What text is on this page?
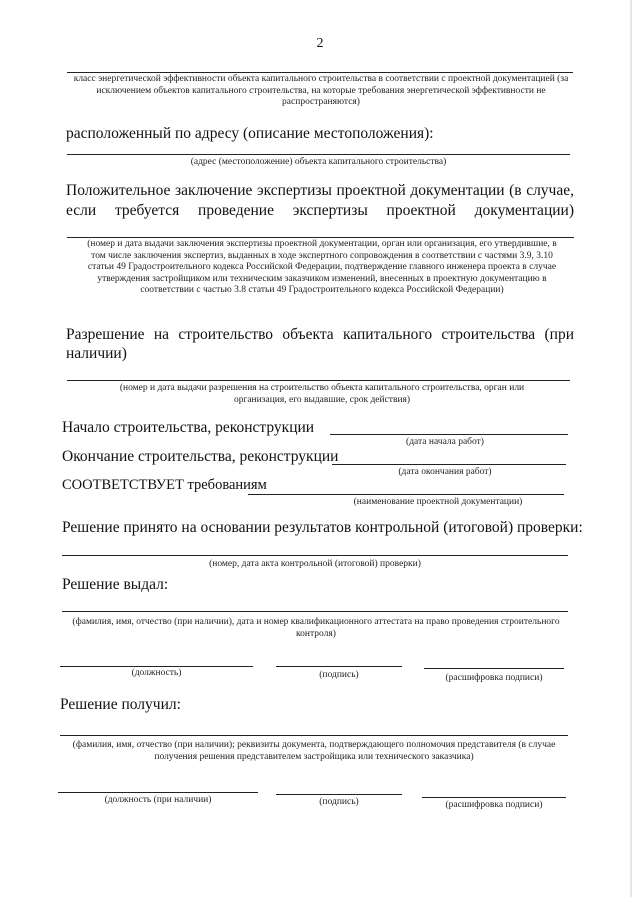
2
класс энергетической эффективности объекта капитального строительства в соответствии с проектной документацией (за исключением объектов капитального строительства, на которые требования энергетической эффективности не распространяются)
расположенный по адресу (описание местоположения):
(адрес (местоположение) объекта капитального строительства)
Положительное заключение экспертизы проектной документации (в случае, если требуется проведение экспертизы проектной документации)
(номер и дата выдачи заключения экспертизы проектной документации, орган или организация, его утвердившие, в том числе заключения экспертиз, выданных в ходе экспертного сопровождения в соответствии с частями 3.9, 3.10 статьи 49 Градостроительного кодекса Российской Федерации, подтверждение главного инженера проекта в случае утверждения застройщиком или техническим заказчиком изменений, внесенных в проектную документацию в соответствии с частью 3.8 статьи 49 Градостроительного кодекса Российской Федерации)
Разрешение на строительство объекта капитального строительства (при наличии)
(номер и дата выдачи разрешения на строительство объекта капитального строительства, орган или организация, его выдавшие, срок действия)
Начало строительства, реконструкции
(дата начала работ)
Окончание строительства, реконструкции
(дата окончания работ)
СООТВЕТСТВУЕТ требованиям
(наименование проектной документации)
Решение принято на основании результатов контрольной (итоговой) проверки:
(номер, дата акта контрольной (итоговой) проверки)
Решение выдал:
(фамилия, имя, отчество (при наличии), дата и номер квалификационного аттестата на право проведения строительного контроля)
(должность)	(подпись)	(расшифровка подписи)
Решение получил:
(фамилия, имя, отчество (при наличии); реквизиты документа, подтверждающего полномочия представителя (в случае получения решения представителем застройщика или технического заказчика)
(должность (при наличии)	(подпись)	(расшифровка подписи)
